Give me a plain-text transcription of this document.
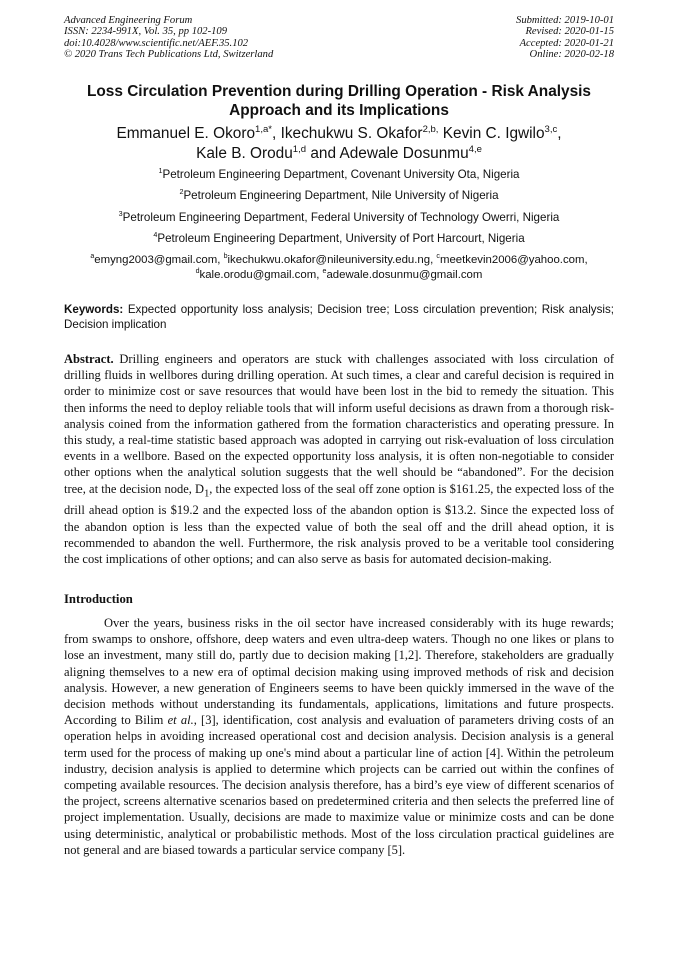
Advanced Engineering Forum
ISSN: 2234-991X, Vol. 35, pp 102-109
doi:10.4028/www.scientific.net/AEF.35.102
© 2020 Trans Tech Publications Ltd, Switzerland
Submitted: 2019-10-01
Revised: 2020-01-15
Accepted: 2020-01-21
Online: 2020-02-18
Loss Circulation Prevention during Drilling Operation - Risk Analysis
Approach and its Implications
Emmanuel E. Okoro$^{1,a*}$, Ikechukwu S. Okafor$^{2,b,}$ Kevin C. Igwilo$^{3,c}$,
Kale B. Orodu$^{1,d}$ and Adewale Dosunmu$^{4,e}$
$^1$Petroleum Engineering Department, Covenant University Ota, Nigeria
$^2$Petroleum Engineering Department, Nile University of Nigeria
$^3$Petroleum Engineering Department, Federal University of Technology Owerri, Nigeria
$^4$Petroleum Engineering Department, University of Port Harcourt, Nigeria
$^a$emyng2003@gmail.com, $^b$ikechukwu.okafor@nileuniversity.edu.ng, $^c$meetkevin2006@yahoo.com,
$^d$kale.orodu@gmail.com, $^e$adewale.dosunmu@gmail.com
Keywords: Expected opportunity loss analysis; Decision tree; Loss circulation prevention; Risk analysis; Decision implication
Abstract. Drilling engineers and operators are stuck with challenges associated with loss circulation of drilling fluids in wellbores during drilling operation. At such times, a clear and careful decision is required in order to minimize cost or save resources that would have been lost in the bid to remedy the situation. This then informs the need to deploy reliable tools that will inform useful decisions as drawn from a thorough risk-analysis coined from the information gathered from the formation characteristics and operating pressure. In this study, a real-time statistic based approach was adopted in carrying out risk-evaluation of loss circulation events in a wellbore. Based on the expected opportunity loss analysis, it is often non-negotiable to consider other options when the analytical solution suggests that the well should be “abandoned”. For the decision tree, at the decision node, $D_1$, the expected loss of the seal off zone option is $161.25, the expected loss of the drill ahead option is $19.2 and the expected loss of the abandon option is $13.2. Since the expected loss of the abandon option is less than the expected value of both the seal off and the drill ahead option, it is recommended to abandon the well. Furthermore, the risk analysis proved to be a veritable tool considering the cost implications of other options; and can also serve as basis for automated decision-making.
Introduction
Over the years, business risks in the oil sector have increased considerably with its huge rewards; from swamps to onshore, offshore, deep waters and even ultra-deep waters. Though no one likes or plans to lose an investment, many still do, partly due to decision making [1,2]. Therefore, stakeholders are gradually aligning themselves to a new era of optimal decision making using improved methods of risk and decision analysis. However, a new generation of Engineers seems to have been quickly immersed in the wave of the decision methods without understanding its fundamentals, applications, limitations and future prospects. According to Bilim et al., [3], identification, cost analysis and evaluation of parameters driving costs of an operation helps in avoiding increased operational cost and decision analysis. Decision analysis is a general term used for the process of making up one's mind about a particular line of action [4]. Within the petroleum industry, decision analysis is applied to determine which projects can be carried out within the confines of competing available resources. The decision analysis therefore, has a bird’s eye view of different scenarios of the project, screens alternative scenarios based on predetermined criteria and then selects the preferred line of project implementation. Usually, decisions are made to maximize value or minimize costs and can be done using deterministic, analytical or probabilistic methods. Most of the loss circulation practical guidelines are not general and are biased towards a particular service company [5].
